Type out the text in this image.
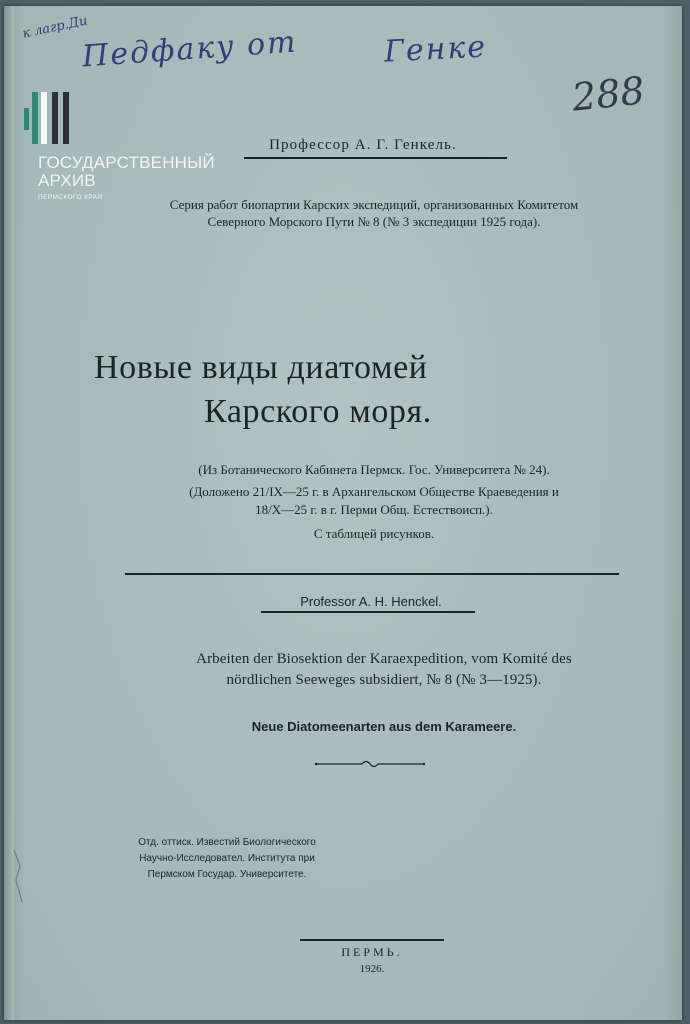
к лагр.Ди
Педфаку от	Генке
288
ГОСУДАРСТВЕННЫЙ
АРХИВ
ПЕРМСКОГО КРАЯ
Профессор А. Г. Генкель.
Серия работ биопартии Карских экспедиций, организованных Комитетом
Северного Морского Пути № 8 (№ 3 экспедиции 1925 года).
Новые виды диатомей
Карского моря.
(Из Ботанического Кабинета Пермск. Гос. Университета № 24).
(Доложено 21/IX—25 г. в Архангельском Обществе Краеведения и
18/X—25 г. в г. Перми Общ. Естествоисп.).
С таблицей рисунков.
Professor A. H. Henckel.
Arbeiten der Biosektion der Karaexpedition, vom Komité des
nördlichen Seeweges subsidiert, № 8 (№ 3—1925).
Neue Diatomeenarten aus dem Karameere.
Отд. оттиск. Известий Биологического
Научно-Исследовател. Института при
Пермском Государ. Университете.
ПЕРМЬ.
1926.
